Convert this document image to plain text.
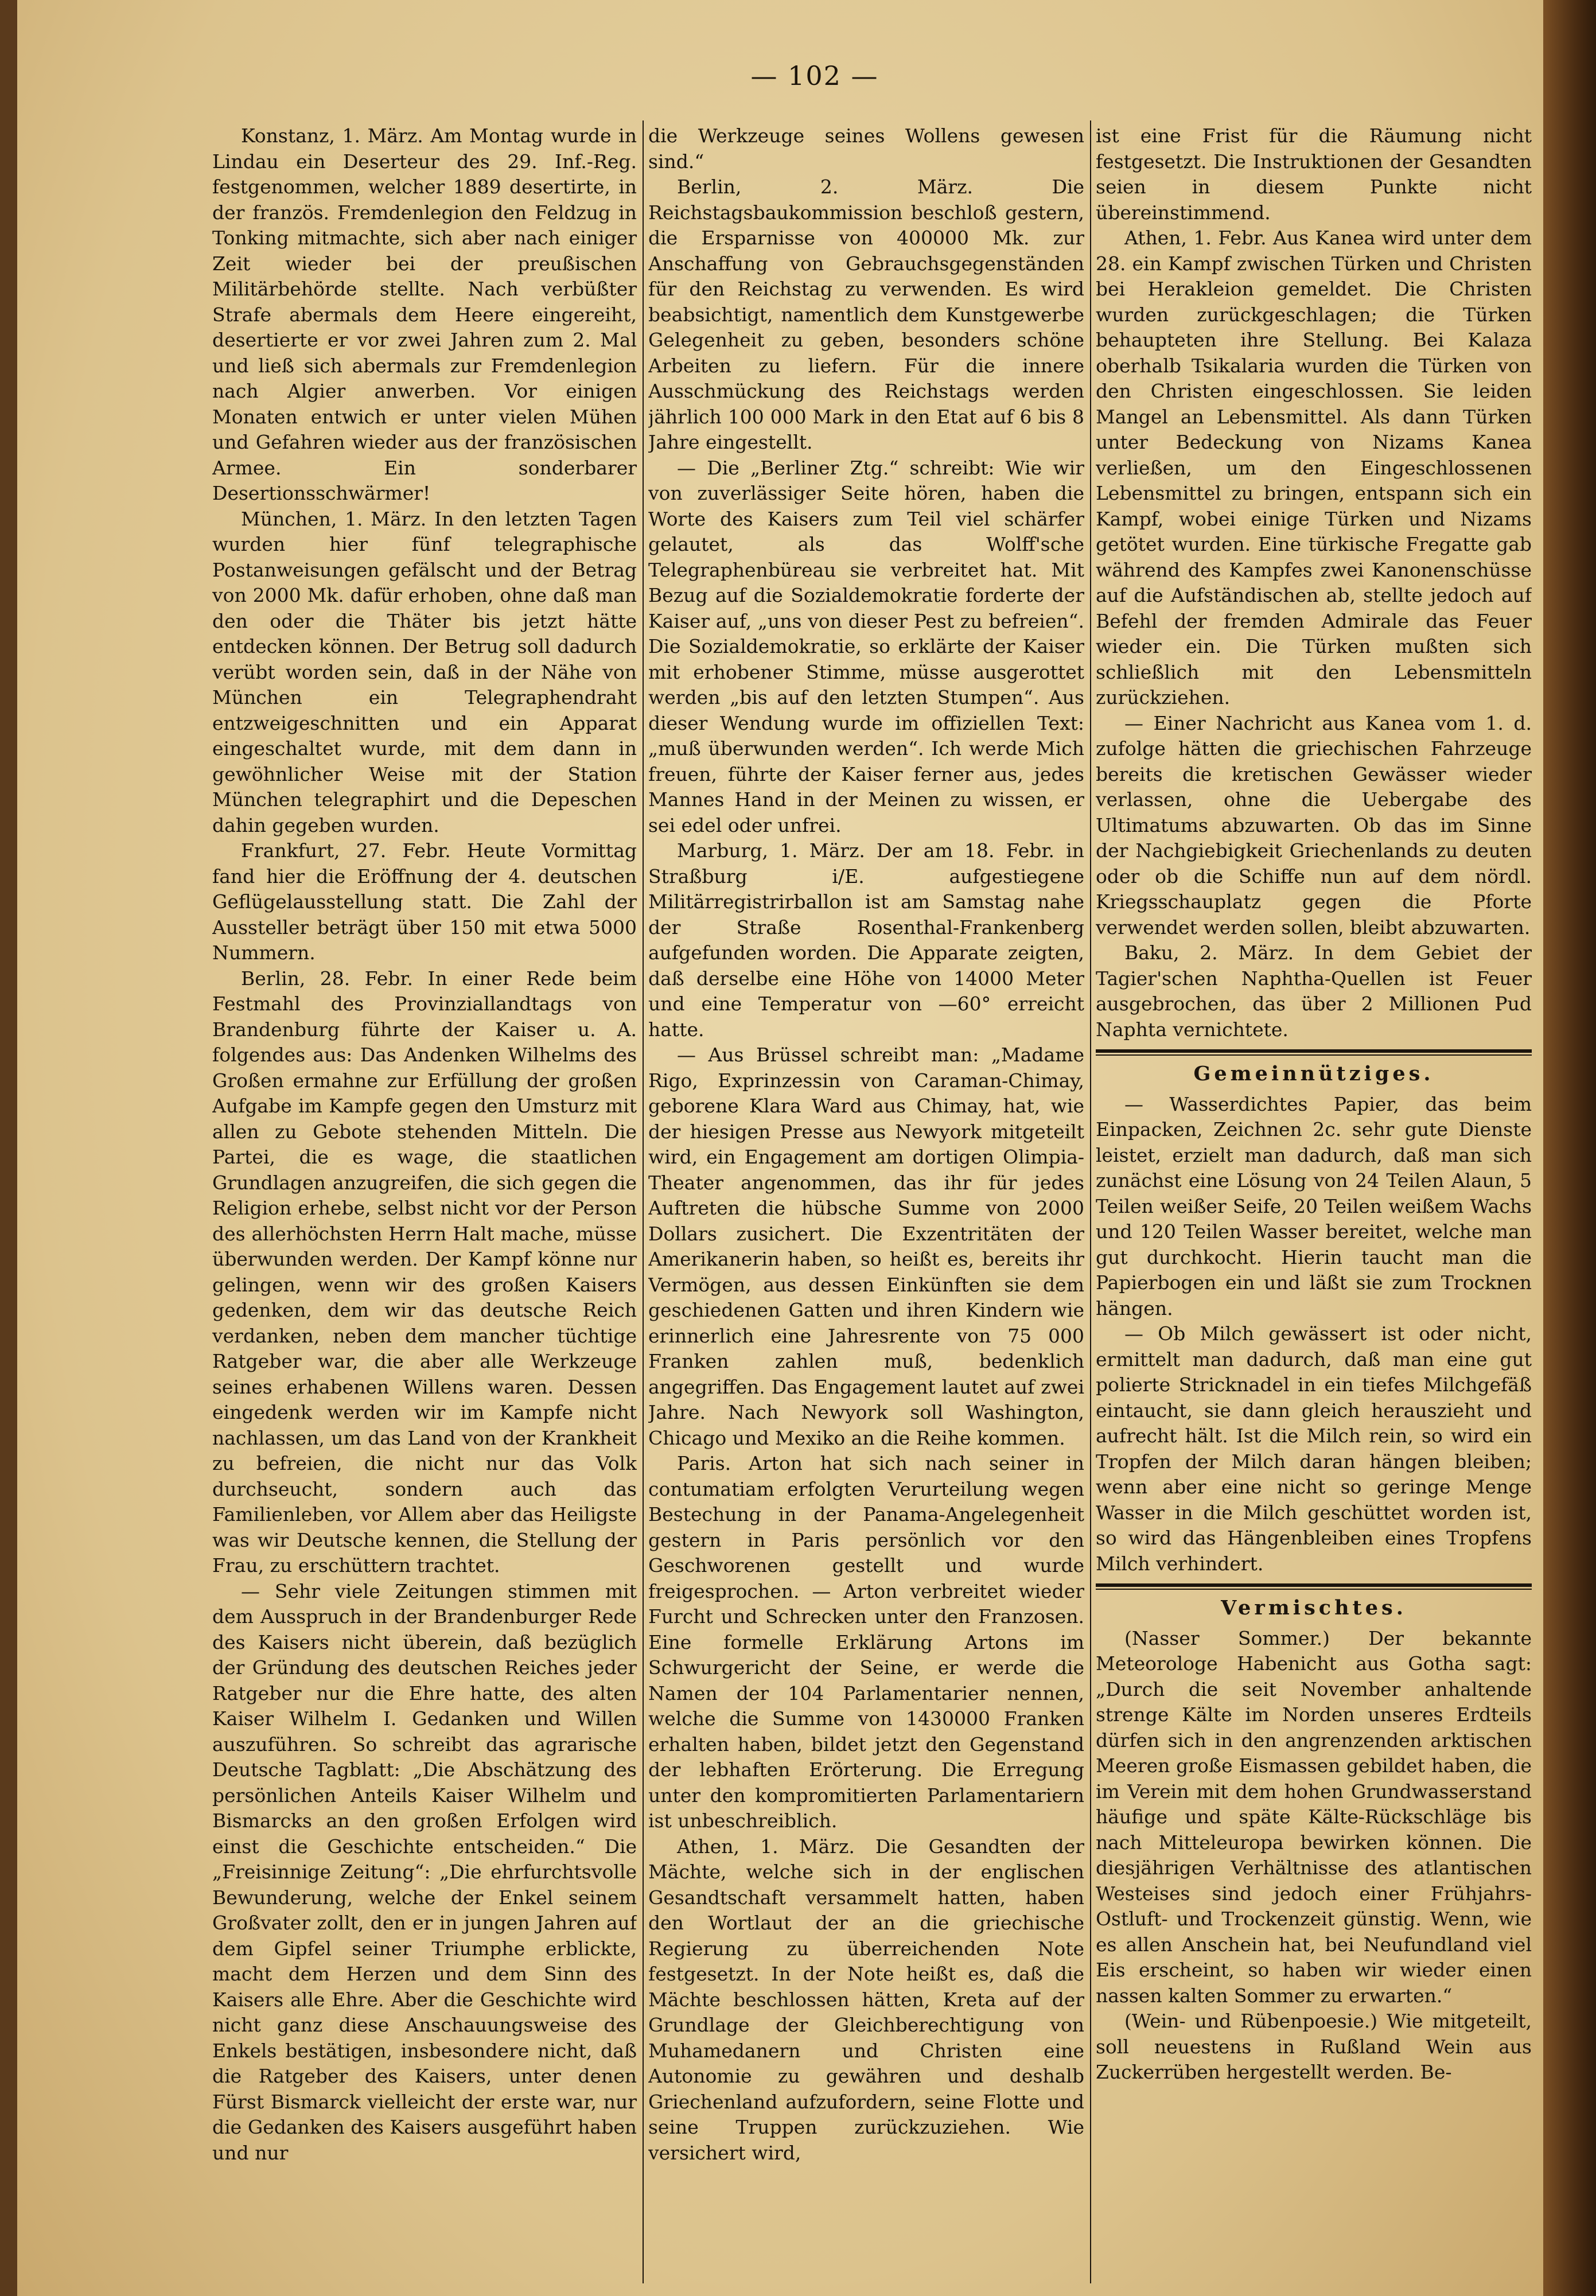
— 102 —

Konstanz, 1. März. Am Montag wurde in Lindau ein Deserteur des 29. Inf.-Reg. festgenommen, welcher 1889 desertirte, in der französ. Fremdenlegion den Feldzug in Tonking mitmachte, sich aber nach einiger Zeit wieder bei der preußischen Militärbehörde stellte. Nach verbüßter Strafe abermals dem Heere eingereiht, desertierte er vor zwei Jahren zum 2. Mal und ließ sich abermals zur Fremdenlegion nach Algier anwerben. Vor einigen Monaten entwich er unter vielen Mühen und Gefahren wieder aus der französischen Armee. Ein sonderbarer Desertionsschwärmer!

München, 1. März. In den letzten Tagen wurden hier fünf telegraphische Postanweisungen gefälscht und der Betrag von 2000 Mk. dafür erhoben, ohne daß man den oder die Thäter bis jetzt hätte entdecken können. Der Betrug soll dadurch verübt worden sein, daß in der Nähe von München ein Telegraphendraht entzweigeschnitten und ein Apparat eingeschaltet wurde, mit dem dann in gewöhnlicher Weise mit der Station München telegraphirt und die Depeschen dahin gegeben wurden.

Frankfurt, 27. Febr. Heute Vormittag fand hier die Eröffnung der 4. deutschen Geflügelausstellung statt. Die Zahl der Aussteller beträgt über 150 mit etwa 5000 Nummern.

Berlin, 28. Febr. In einer Rede beim Festmahl des Provinziallandtags von Brandenburg führte der Kaiser u. A. folgendes aus: Das Andenken Wilhelms des Großen ermahne zur Erfüllung der großen Aufgabe im Kampfe gegen den Umsturz mit allen zu Gebote stehenden Mitteln. Die Partei, die es wage, die staatlichen Grundlagen anzugreifen, die sich gegen die Religion erhebe, selbst nicht vor der Person des allerhöchsten Herrn Halt mache, müsse überwunden werden. Der Kampf könne nur gelingen, wenn wir des großen Kaisers gedenken, dem wir das deutsche Reich verdanken, neben dem mancher tüchtige Ratgeber war, die aber alle Werkzeuge seines erhabenen Willens waren. Dessen eingedenk werden wir im Kampfe nicht nachlassen, um das Land von der Krankheit zu befreien, die nicht nur das Volk durchseucht, sondern auch das Familienleben, vor Allem aber das Heiligste was wir Deutsche kennen, die Stellung der Frau, zu erschüttern trachtet.

— Sehr viele Zeitungen stimmen mit dem Ausspruch in der Brandenburger Rede des Kaisers nicht überein, daß bezüglich der Gründung des deutschen Reiches jeder Ratgeber nur die Ehre hatte, des alten Kaiser Wilhelm I. Gedanken und Willen auszuführen. So schreibt das agrarische Deutsche Tagblatt: „Die Abschätzung des persönlichen Anteils Kaiser Wilhelm und Bismarcks an den großen Erfolgen wird einst die Geschichte entscheiden.“ Die „Freisinnige Zeitung“: „Die ehrfurchtsvolle Bewunderung, welche der Enkel seinem Großvater zollt, den er in jungen Jahren auf dem Gipfel seiner Triumphe erblickte, macht dem Herzen und dem Sinn des Kaisers alle Ehre. Aber die Geschichte wird nicht ganz diese Anschauungsweise des Enkels bestätigen, insbesondere nicht, daß die Ratgeber des Kaisers, unter denen Fürst Bismarck vielleicht der erste war, nur die Gedanken des Kaisers ausgeführt haben und nur

die Werkzeuge seines Wollens gewesen sind.“

Berlin, 2. März. Die Reichstagsbaukommission beschloß gestern, die Ersparnisse von 400000 Mk. zur Anschaffung von Gebrauchsgegenständen für den Reichstag zu verwenden. Es wird beabsichtigt, namentlich dem Kunstgewerbe Gelegenheit zu geben, besonders schöne Arbeiten zu liefern. Für die innere Ausschmückung des Reichstags werden jährlich 100 000 Mark in den Etat auf 6 bis 8 Jahre eingestellt.

— Die „Berliner Ztg.“ schreibt: Wie wir von zuverlässiger Seite hören, haben die Worte des Kaisers zum Teil viel schärfer gelautet, als das Wolff'sche Telegraphenbüreau sie verbreitet hat. Mit Bezug auf die Sozialdemokratie forderte der Kaiser auf, „uns von dieser Pest zu befreien“. Die Sozialdemokratie, so erklärte der Kaiser mit erhobener Stimme, müsse ausgerottet werden „bis auf den letzten Stumpen“. Aus dieser Wendung wurde im offiziellen Text: „muß überwunden werden“. Ich werde Mich freuen, führte der Kaiser ferner aus, jedes Mannes Hand in der Meinen zu wissen, er sei edel oder unfrei.

Marburg, 1. März. Der am 18. Febr. in Straßburg i/E. aufgestiegene Militärregistrirballon ist am Samstag nahe der Straße Rosenthal-Frankenberg aufgefunden worden. Die Apparate zeigten, daß derselbe eine Höhe von 14000 Meter und eine Temperatur von —60° erreicht hatte.

— Aus Brüssel schreibt man: „Madame Rigo, Exprinzessin von Caraman-Chimay, geborene Klara Ward aus Chimay, hat, wie der hiesigen Presse aus Newyork mitgeteilt wird, ein Engagement am dortigen Olimpia-Theater angenommen, das ihr für jedes Auftreten die hübsche Summe von 2000 Dollars zusichert. Die Exzentritäten der Amerikanerin haben, so heißt es, bereits ihr Vermögen, aus dessen Einkünften sie dem geschiedenen Gatten und ihren Kindern wie erinnerlich eine Jahresrente von 75 000 Franken zahlen muß, bedenklich angegriffen. Das Engagement lautet auf zwei Jahre. Nach Newyork soll Washington, Chicago und Mexiko an die Reihe kommen.

Paris. Arton hat sich nach seiner in contumatiam erfolgten Verurteilung wegen Bestechung in der Panama-Angelegenheit gestern in Paris persönlich vor den Geschworenen gestellt und wurde freigesprochen. — Arton verbreitet wieder Furcht und Schrecken unter den Franzosen. Eine formelle Erklärung Artons im Schwurgericht der Seine, er werde die Namen der 104 Parlamentarier nennen, welche die Summe von 1430000 Franken erhalten haben, bildet jetzt den Gegenstand der lebhaften Erörterung. Die Erregung unter den kompromitierten Parlamentariern ist unbeschreiblich.

Athen, 1. März. Die Gesandten der Mächte, welche sich in der englischen Gesandtschaft versammelt hatten, haben den Wortlaut der an die griechische Regierung zu überreichenden Note festgesetzt. In der Note heißt es, daß die Mächte beschlossen hätten, Kreta auf der Grundlage der Gleichberechtigung von Muhamedanern und Christen eine Autonomie zu gewähren und deshalb Griechenland aufzufordern, seine Flotte und seine Truppen zurückzuziehen. Wie versichert wird,

ist eine Frist für die Räumung nicht festgesetzt. Die Instruktionen der Gesandten seien in diesem Punkte nicht übereinstimmend.

Athen, 1. Febr. Aus Kanea wird unter dem 28. ein Kampf zwischen Türken und Christen bei Herakleion gemeldet. Die Christen wurden zurückgeschlagen; die Türken behaupteten ihre Stellung. Bei Kalaza oberhalb Tsikalaria wurden die Türken von den Christen eingeschlossen. Sie leiden Mangel an Lebensmittel. Als dann Türken unter Bedeckung von Nizams Kanea verließen, um den Eingeschlossenen Lebensmittel zu bringen, entspann sich ein Kampf, wobei einige Türken und Nizams getötet wurden. Eine türkische Fregatte gab während des Kampfes zwei Kanonenschüsse auf die Aufständischen ab, stellte jedoch auf Befehl der fremden Admirale das Feuer wieder ein. Die Türken mußten sich schließlich mit den Lebensmitteln zurückziehen.

— Einer Nachricht aus Kanea vom 1. d. zufolge hätten die griechischen Fahrzeuge bereits die kretischen Gewässer wieder verlassen, ohne die Uebergabe des Ultimatums abzuwarten. Ob das im Sinne der Nachgiebigkeit Griechenlands zu deuten oder ob die Schiffe nun auf dem nördl. Kriegsschauplatz gegen die Pforte verwendet werden sollen, bleibt abzuwarten.

Baku, 2. März. In dem Gebiet der Tagier'schen Naphtha-Quellen ist Feuer ausgebrochen, das über 2 Millionen Pud Naphta vernichtete.

Gemeinnütziges.

— Wasserdichtes Papier, das beim Einpacken, Zeichnen 2c. sehr gute Dienste leistet, erzielt man dadurch, daß man sich zunächst eine Lösung von 24 Teilen Alaun, 5 Teilen weißer Seife, 20 Teilen weißem Wachs und 120 Teilen Wasser bereitet, welche man gut durchkocht. Hierin taucht man die Papierbogen ein und läßt sie zum Trocknen hängen.

— Ob Milch gewässert ist oder nicht, ermittelt man dadurch, daß man eine gut polierte Stricknadel in ein tiefes Milchgefäß eintaucht, sie dann gleich herauszieht und aufrecht hält. Ist die Milch rein, so wird ein Tropfen der Milch daran hängen bleiben; wenn aber eine nicht so geringe Menge Wasser in die Milch geschüttet worden ist, so wird das Hängenbleiben eines Tropfens Milch verhindert.

Vermischtes.

(Nasser Sommer.) Der bekannte Meteorologe Habenicht aus Gotha sagt: „Durch die seit November anhaltende strenge Kälte im Norden unseres Erdteils dürfen sich in den angrenzenden arktischen Meeren große Eismassen gebildet haben, die im Verein mit dem hohen Grundwasserstand häufige und späte Kälte-Rückschläge bis nach Mitteleuropa bewirken können. Die diesjährigen Verhältnisse des atlantischen Westeises sind jedoch einer Frühjahrs-Ostluft- und Trockenzeit günstig. Wenn, wie es allen Anschein hat, bei Neufundland viel Eis erscheint, so haben wir wieder einen nassen kalten Sommer zu erwarten.“

(Wein- und Rübenpoesie.) Wie mitgeteilt, soll neuestens in Rußland Wein aus Zuckerrüben hergestellt werden. Be-
